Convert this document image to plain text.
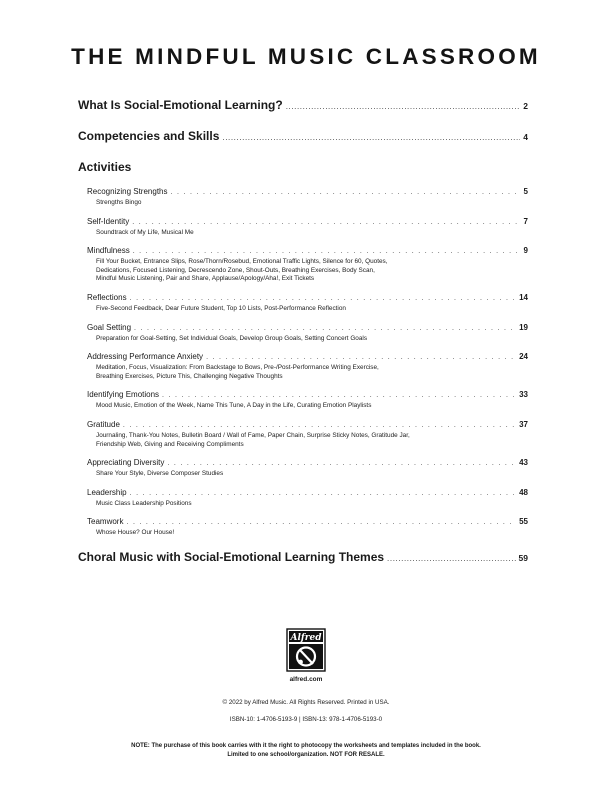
THE MINDFUL MUSIC CLASSROOM
What Is Social-Emotional Learning? .....	2
Competencies and Skills .....	4
Activities
Recognizing Strengths . . .	5
Strengths Bingo
Self-Identity . . .	7
Soundtrack of My Life, Musical Me
Mindfulness . . .	9
Fill Your Bucket, Entrance Slips, Rose/Thorn/Rosebud, Emotional Traffic Lights, Silence for 60, Quotes,
Dedications, Focused Listening, Decrescendo Zone, Shout-Outs, Breathing Exercises, Body Scan,
Mindful Music Listening, Pair and Share, Applause/Apology/Aha!, Exit Tickets
Reflections . . .	14
Five-Second Feedback, Dear Future Student, Top 10 Lists, Post-Performance Reflection
Goal Setting . . .	19
Preparation for Goal-Setting, Set Individual Goals, Develop Group Goals, Setting Concert Goals
Addressing Performance Anxiety . . .	24
Meditation, Focus, Visualization: From Backstage to Bows, Pre-/Post-Performance Writing Exercise,
Breathing Exercises, Picture This, Challenging Negative Thoughts
Identifying Emotions . . .	33
Mood Music, Emotion of the Week, Name This Tune, A Day in the Life, Curating Emotion Playlists
Gratitude . . .	37
Journaling, Thank-You Notes, Bulletin Board / Wall of Fame, Paper Chain, Surprise Sticky Notes, Gratitude Jar,
Friendship Web, Giving and Receiving Compliments
Appreciating Diversity . . .	43
Share Your Style, Diverse Composer Studies
Leadership . . .	48
Music Class Leadership Positions
Teamwork . . .	55
Whose House? Our House!
Choral Music with Social-Emotional Learning Themes .....	59
Alfred
alfred.com
© 2022 by Alfred Music. All Rights Reserved. Printed in USA.
ISBN-10: 1-4706-5193-9 | ISBN-13: 978-1-4706-5193-0
NOTE: The purchase of this book carries with it the right to photocopy the worksheets and templates included in the book.
Limited to one school/organization. NOT FOR RESALE.
